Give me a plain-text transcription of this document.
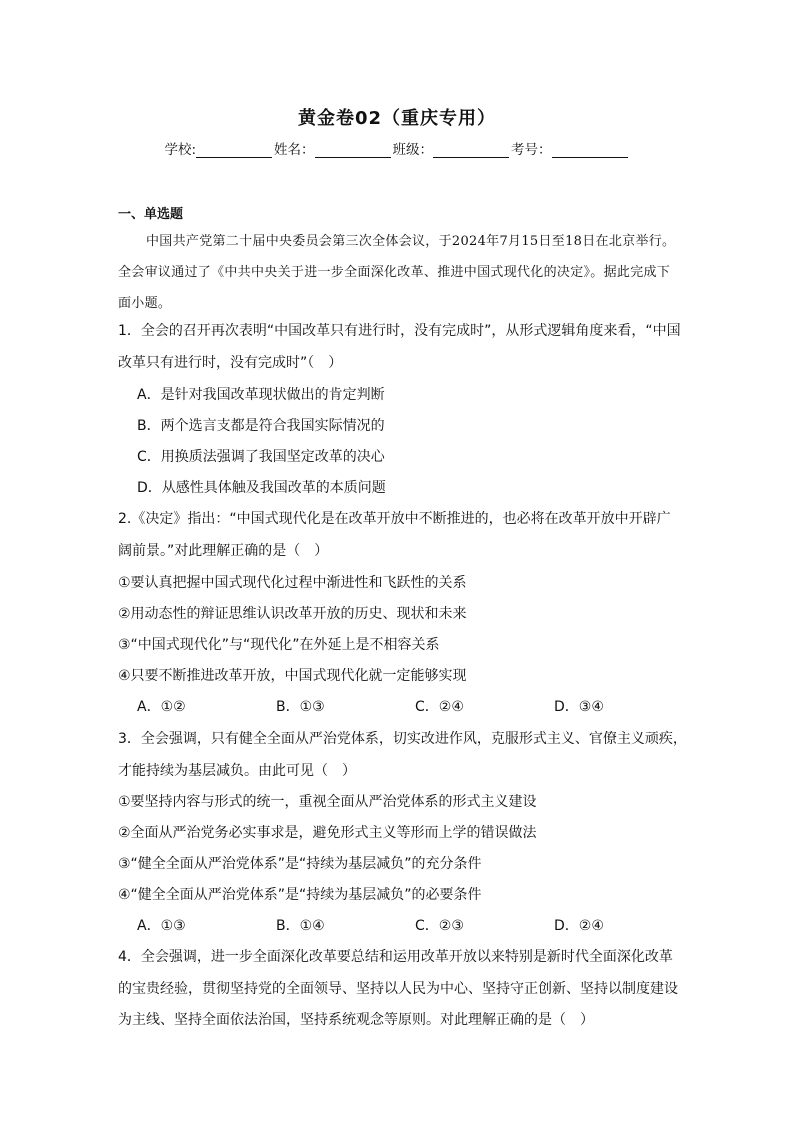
黄金卷02（重庆专用）
学校:	姓名：	班级：	考号：
一、单选题
中国共产党第二十届中央委员会第三次全体会议，于2024年7月15日至18日在北京举行。全会审议通过了《中共中央关于进一步全面深化改革、推进中国式现代化的决定》。据此完成下面小题。
1．全会的召开再次表明“中国改革只有进行时，没有完成时”，从形式逻辑角度来看，“中国
改革只有进行时，没有完成时”（　）
A．是针对我国改革现状做出的肯定判断
B．两个选言支都是符合我国实际情况的
C．用换质法强调了我国坚定改革的决心
D．从感性具体触及我国改革的本质问题
2.《决定》指出：“中国式现代化是在改革开放中不断推进的，也必将在改革开放中开辟广
阔前景。”对此理解正确的是（　）
①要认真把握中国式现代化过程中渐进性和飞跃性的关系
②用动态性的辩证思维认识改革开放的历史、现状和未来
③“中国式现代化”与“现代化”在外延上是不相容关系
④只要不断推进改革开放，中国式现代化就一定能够实现
A．①②	B．①③	C．②④	D．③④
3．全会强调，只有健全全面从严治党体系，切实改进作风，克服形式主义、官僚主义顽疾，
才能持续为基层减负。由此可见（　）
①要坚持内容与形式的统一，重视全面从严治党体系的形式主义建设
②全面从严治党务必实事求是，避免形式主义等形而上学的错误做法
③“健全全面从严治党体系”是“持续为基层减负”的充分条件
④“健全全面从严治党体系”是“持续为基层减负”的必要条件
A．①③	B．①④	C．②③	D．②④
4．全会强调，进一步全面深化改革要总结和运用改革开放以来特别是新时代全面深化改革
的宝贵经验，贯彻坚持党的全面领导、坚持以人民为中心、坚持守正创新、坚持以制度建设
为主线、坚持全面依法治国，坚持系统观念等原则。对此理解正确的是（　）
